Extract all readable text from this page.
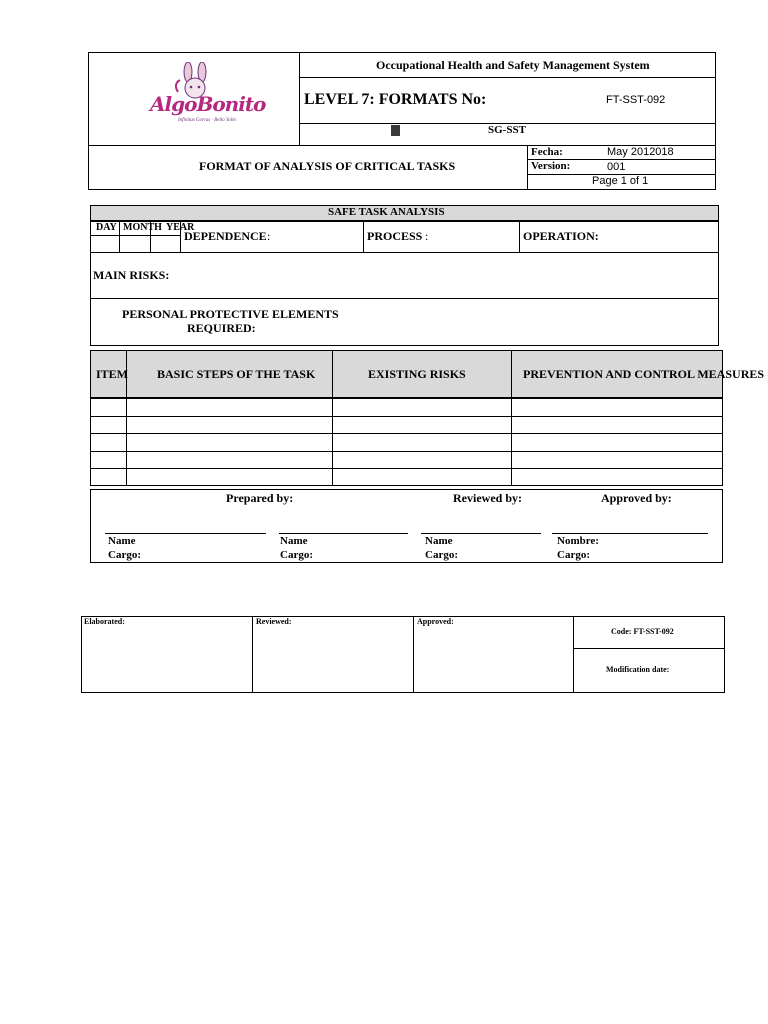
AlgoBonito
Infinitas Gorras · Bello Yollo
Occupational Health and Safety Management System
LEVEL 7: FORMATS No:	FT-SST-092
SG-SST
FORMAT OF ANALYSIS OF CRITICAL TASKS
Fecha:	May 2012018
Version:	001
Page 1 of 1
SAFE TASK ANALYSIS
DAY MONTH YEAR
DEPENDENCE :	PROCESS :	OPERATION:
MAIN RISKS:
PERSONAL PROTECTIVE ELEMENTS
REQUIRED:
ITEM BASIC STEPS OF THE TASK	EXISTING RISKS	PREVENTION AND CONTROL MEASURES
Prepared by:	Reviewed by:	Approved by:
Name
Cargo:
Name
Cargo:
Name
Cargo:
Nombre:
Cargo:
Elaborated:	Reviewed:	Approved:
Code: FT-SST-092
Modification date:
